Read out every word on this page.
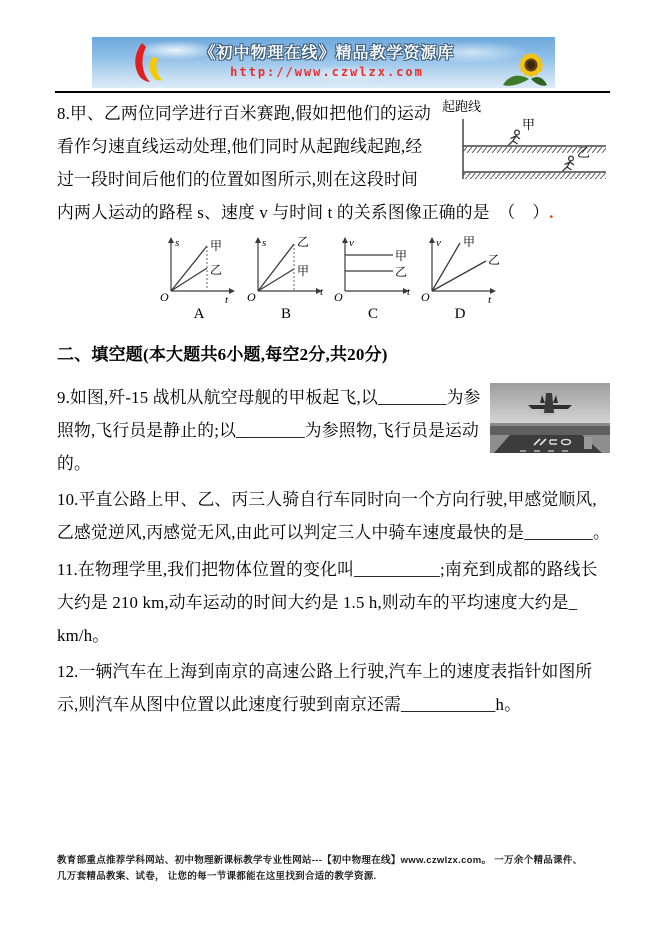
《初中物理在线》精品教学资源库
http://www.czwlzx.com
起跑线
甲
乙

8.甲、乙两位同学进行百米赛跑,假如把他们的运动看作匀速直线运动处理,他们同时从起跑线起跑,经过一段时间后他们的位置如图所示,则在这段时间内两人运动的路程 s、速度 v 与时间 t 的关系图像正确的是　（　）.

s	甲
乙
O	t
A
s	乙
甲
O	t
B
v
甲
乙
O	t
C
v 甲
乙
O	t
D

二、填空题(本大题共6小题,每空2分,共20分)

9.如图,歼-15 战机从航空母舰的甲板起飞,以________为参照物,飞行员是静止的;以________为参照物,飞行员是运动的。

10.平直公路上甲、乙、丙三人骑自行车同时向一个方向行驶,甲感觉顺风,乙感觉逆风,丙感觉无风,由此可以判定三人中骑车速度最快的是________。

11.在物理学里,我们把物体位置的变化叫__________;南充到成都的路线长大约是 210 km,动车运动的时间大约是 1.5 h,则动车的平均速度大约是_
km/h。

12.一辆汽车在上海到南京的高速公路上行驶,汽车上的速度表指针如图所示,则汽车从图中位置以此速度行驶到南京还需___________h。

教育部重点推荐学科网站、初中物理新课标教学专业性网站---【初中物理在线】www.czwlzx.com。 一万余个精品课件、
几万套精品教案、试卷， 让您的每一节课都能在这里找到合适的教学资源.
